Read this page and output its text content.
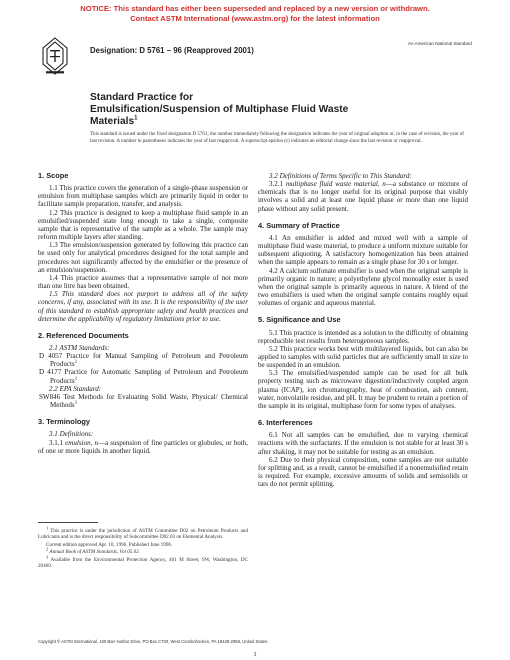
NOTICE: This standard has either been superseded and replaced by a new version or withdrawn.
Contact ASTM International (www.astm.org) for the latest information
Designation: D 5761 – 96 (Reapproved 2001)
An American National Standard
Standard Practice for
Emulsification/Suspension of Multiphase Fluid Waste
Materials$^1$
This standard is issued under the fixed designation D 5761; the number immediately following the designation indicates the year of original adoption or, in the case of revision, the year of last revision. A number in parentheses indicates the year of last reapproval. A superscript epsilon (ε) indicates an editorial change since the last revision or reapproval.
1. Scope

1.1 This practice covers the generation of a single-phase suspension or emulsion from multiphase samples which are primarily liquid in order to facilitate sample preparation, transfer, and analysis.

1.2 This practice is designed to keep a multiphase fluid sample in an emulsified/suspended state long enough to take a single, composite sample that is representative of the sample as a whole. The sample may reform multiple layers after standing.

1.3 The emulsion/suspension generated by following this practice can be used only for analytical procedures designed for the total sample and procedures not significantly affected by the emulsifier or the presence of an emulsion/suspension.

1.4 This practice assumes that a representative sample of not more than one litre has been obtained.

1.5 This standard does not purport to address all of the safety concerns, if any, associated with its use. It is the responsibility of the user of this standard to establish appropriate safety and health practices and determine the applicability of regulatory limitations prior to use.

2. Referenced Documents

2.1 ASTM Standards:

D 4057 Practice for Manual Sampling of Petroleum and Petroleum Products$^2$

D 4177 Practice for Automatic Sampling of Petroleum and Petroleum Products$^2$

2.2 EPA Standard:

SW846 Test Methods for Evaluating Solid Waste, Physical/ Chemical Methods$^3$

3. Terminology

3.1 Definitions:

3.1.1 emulsion, n—a suspension of fine particles or globules, or both, of one or more liquids in another liquid.

$^1$ This practice is under the jurisdiction of ASTM Committee D02 on Petroleum Products and Lubricants and is the direct responsibility of Subcommittee D02.03 on Elemental Analysis.

Current edition approved Apr. 10, 1996. Published June 1996.

$^2$ Annual Book of ASTM Standards, Vol 05.02.

$^3$ Available from the Environmental Protection Agency, 401 M Street, SW, Washington, DC 20460.

3.2 Definitions of Terms Specific to This Standard:

3.2.1 multiphase fluid waste material, n—a substance or mixture of chemicals that is no longer useful for its original purpose that visibly involves a solid and at least one liquid phase or more than one liquid phase without any solid present.

4. Summary of Practice

4.1 An emulsifier is added and mixed well with a sample of multiphase fluid waste material, to produce a uniform mixture suitable for subsequent aliquoting. A satisfactory homogenization has been attained when the sample appears to remain as a single phase for 30 s or longer.

4.2 A calcium sulfonate emulsifier is used when the original sample is primarily organic in nature; a polyethylene glycol monoalky ester is used when the original sample is primarily aqueous in nature. A blend of the two emulsifiers is used when the original sample contains roughly equal volumes of organic and aqueous material.

5. Significance and Use

5.1 This practice is intended as a solution to the difficulty of obtaining reproducible test results from heterogeneous samples.

5.2 This practice works best with multilayered liquids, but can also be applied to samples with solid particles that are sufficiently small in size to be suspended in an emulsion.

5.3 The emulsified/suspended sample can be used for all bulk property testing such as microwave digestion/inductively coupled argon plasma (ICAP), ion chromatography, heat of combustion, ash content, water, nonvolatile residue, and pH. It may be prudent to retain a portion of the sample in its original, multiphase form for some types of analyses.

6. Interferences

6.1 Not all samples can be emulsified, due to varying chemical reactions with the surfactants. If the emulsion is not stable for at least 30 s after shaking, it may not be suitable for testing as an emulsion.

6.2 Due to their physical composition, some samples are not suitable for splitting and, as a result, cannot be emulsified if a nonemulsified retain is required. For example, excessive amounts of solids and semisolids or tars do not permit splitting.

Copyright © ASTM International, 100 Barr Harbor Drive, PO Box C700, West Conshohocken, PA 19428-2959, United States.
1
